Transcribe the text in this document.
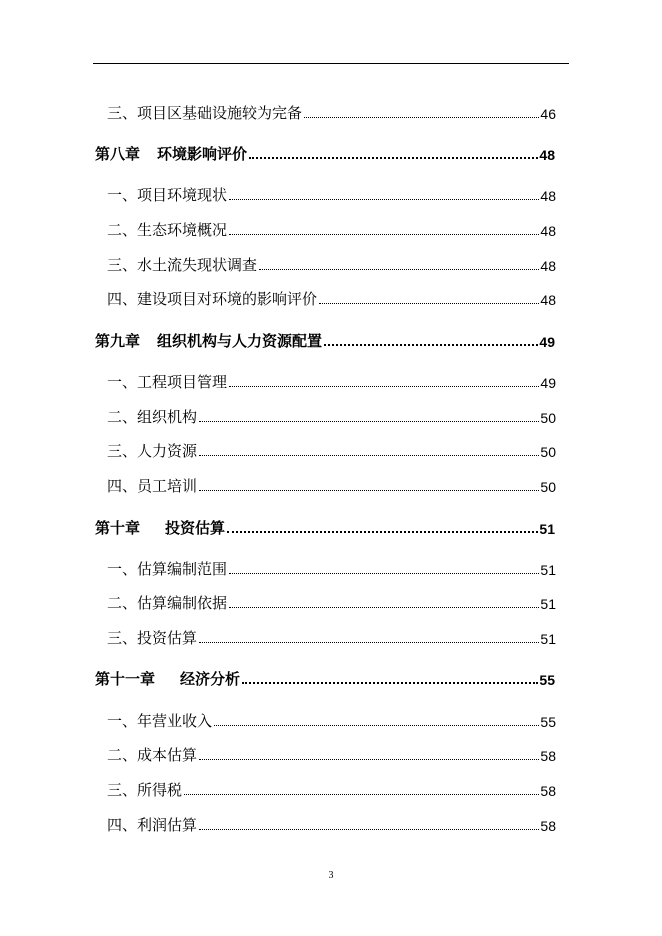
三、项目区基础设施较为完备	46
第八章 环境影响评价	48
一、项目环境现状	48
二、生态环境概况	48
三、水土流失现状调查	48
四、建设项目对环境的影响评价	48
第九章 组织机构与人力资源配置	49
一、工程项目管理	49
二、组织机构	50
三、人力资源	50
四、员工培训	50
第十章 投资估算	51
一、估算编制范围	51
二、估算编制依据	51
三、投资估算	51
第十一章 经济分析	55
一、年营业收入	55
二、成本估算	58
三、所得税	58
四、利润估算	58
3
